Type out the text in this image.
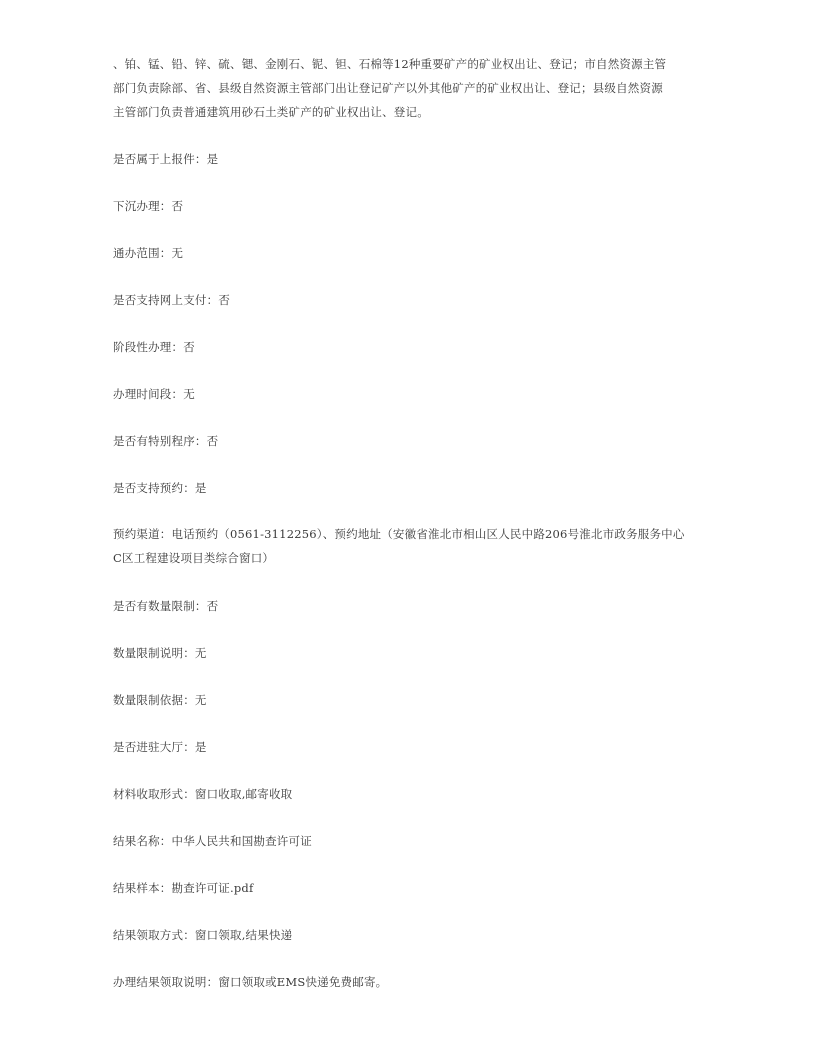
、铂、锰、铅、锌、硫、锶、金刚石、铌、钽、石棉等12种重要矿产的矿业权出让、登记；市自然资源主管

部门负责除部、省、县级自然资源主管部门出让登记矿产以外其他矿产的矿业权出让、登记；县级自然资源

主管部门负责普通建筑用砂石土类矿产的矿业权出让、登记。

是否属于上报件：是
下沉办理：否
通办范围：无
是否支持网上支付：否
阶段性办理：否
办理时间段：无
是否有特别程序：否
是否支持预约：是

预约渠道：电话预约（0561-3112256）、预约地址（安徽省淮北市相山区人民中路206号淮北市政务服务中心

C区工程建设项目类综合窗口）

是否有数量限制：否
数量限制说明：无
数量限制依据：无
是否进驻大厅：是
材料收取形式：窗口收取,邮寄收取
结果名称：中华人民共和国勘查许可证
结果样本：勘查许可证.pdf
结果领取方式：窗口领取,结果快递
办理结果领取说明：窗口领取或EMS快递免费邮寄。
